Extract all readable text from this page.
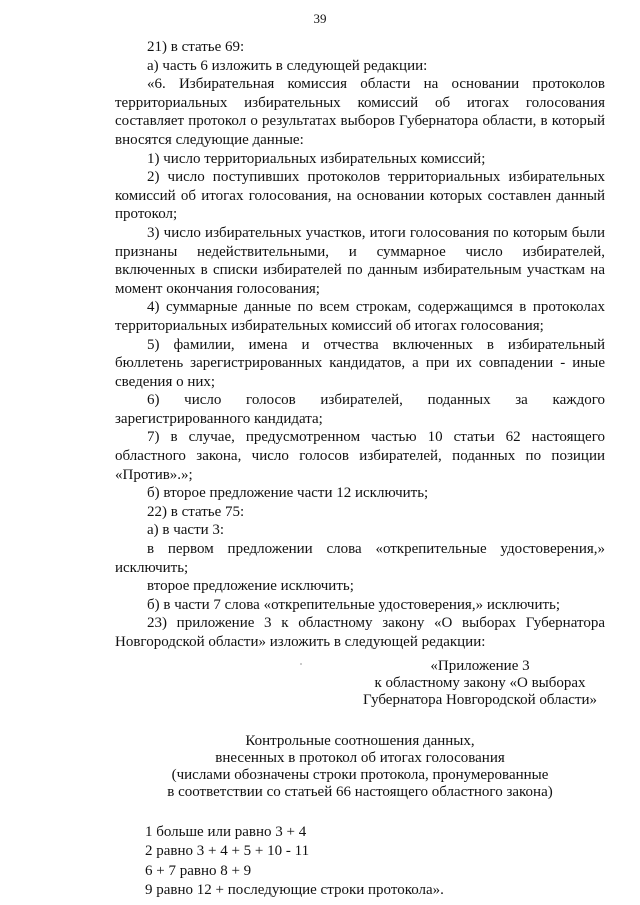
39

21) в статье 69:

а) часть 6 изложить в следующей редакции:

«6. Избирательная комиссия области на основании протоколов территориальных избирательных комиссий об итогах голосования составляет протокол о результатах выборов Губернатора области, в который вносятся следующие данные:

1) число территориальных избирательных комиссий;

2) число поступивших протоколов территориальных избирательных комиссий об итогах голосования, на основании которых составлен данный протокол;

3) число избирательных участков, итоги голосования по которым были признаны недействительными, и суммарное число избирателей, включенных в списки избирателей по данным избирательным участкам на момент окончания голосования;

4) суммарные данные по всем строкам, содержащимся в протоколах территориальных избирательных комиссий об итогах голосования;

5) фамилии, имена и отчества включенных в избирательный бюллетень зарегистрированных кандидатов, а при их совпадении - иные сведения о них;

6) число голосов избирателей, поданных за каждого зарегистрированного кандидата;

7) в случае, предусмотренном частью 10 статьи 62 настоящего областного закона, число голосов избирателей, поданных по позиции «Против».»;

б) второе предложение части 12 исключить;

22) в статье 75:

а) в части 3:

в первом предложении слова «открепительные удостоверения,» исключить;

второе предложение исключить;

б) в части 7 слова «открепительные удостоверения,» исключить;

23) приложение 3 к областному закону «О выборах Губернатора Новгородской области» изложить в следующей редакции:

«Приложение 3
к областному закону «О выборах
Губернатора Новгородской области»
Контрольные соотношения данных,
внесенных в протокол об итогах голосования
(числами обозначены строки протокола, пронумерованные
в соответствии со статьей 66 настоящего областного закона)

1 больше или равно 3 + 4

2 равно 3 + 4 + 5 + 10 - 11

6 + 7 равно 8 + 9

9 равно 12 + последующие строки протокола».
